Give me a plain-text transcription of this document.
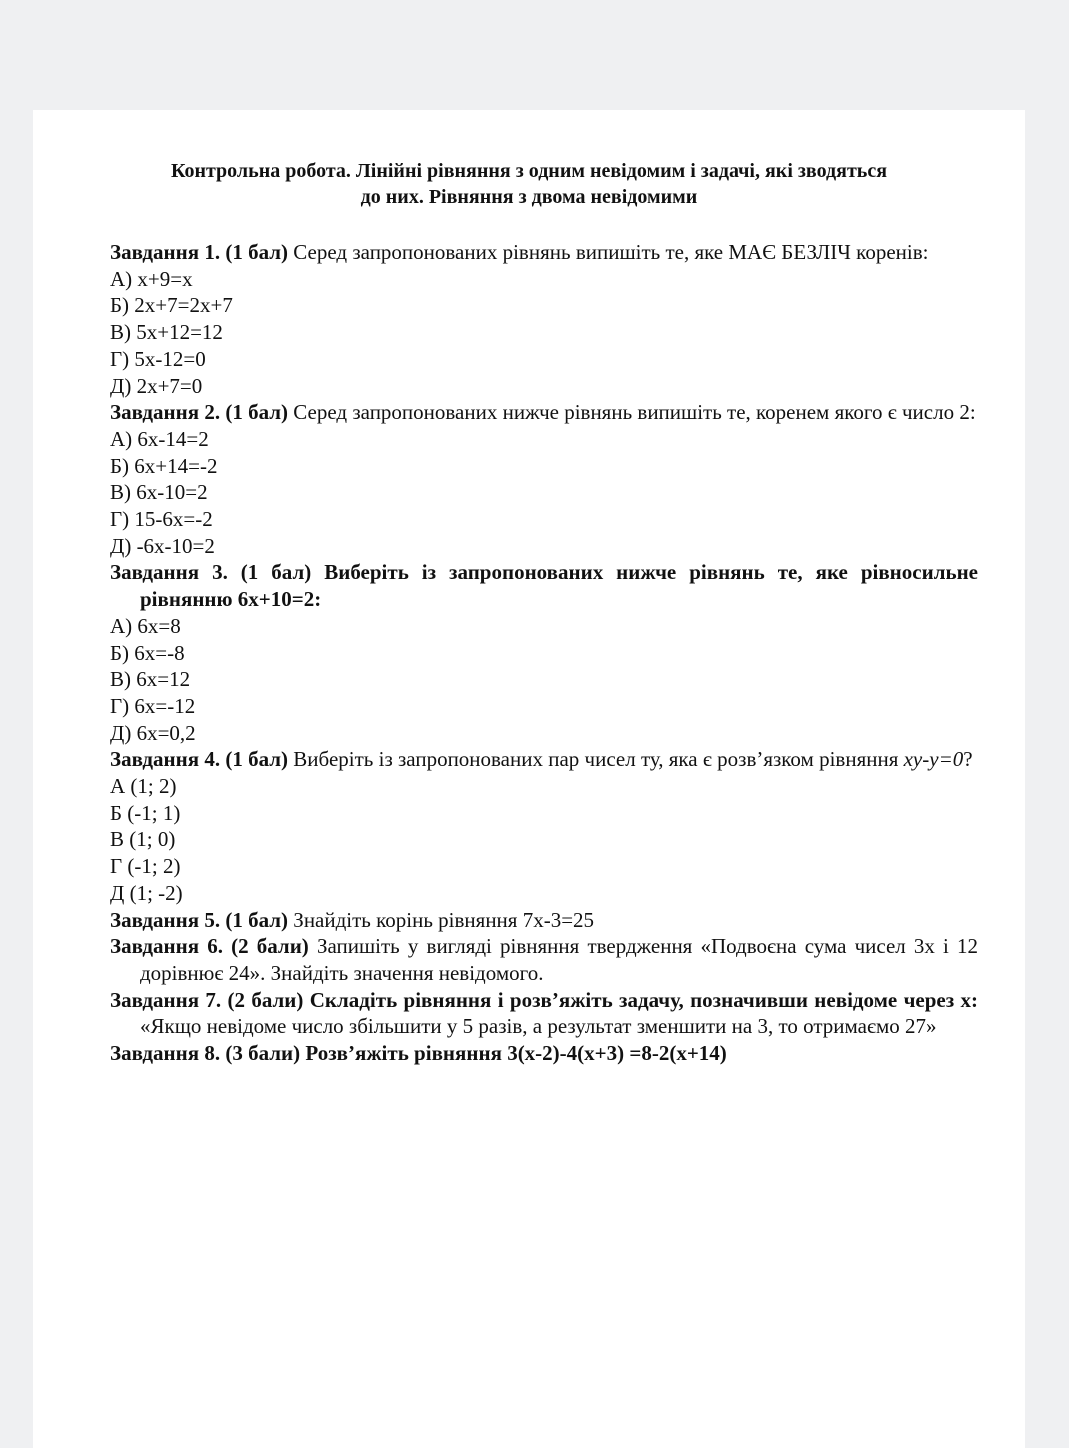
Контрольна робота. Лінійні рівняння з одним невідомим і задачі, які зводяться
до них. Рівняння з двома невідомими

Завдання 1. (1 бал) Серед запропонованих рівнянь випишіть те, яке МАЄ БЕЗЛІЧ коренів:

А) х+9=х

Б) 2х+7=2х+7

В) 5х+12=12

Г) 5х-12=0

Д) 2х+7=0

Завдання 2. (1 бал) Серед запропонованих нижче рівнянь випишіть те, коренем якого є число 2:

А) 6х-14=2

Б) 6х+14=-2

В) 6х-10=2

Г) 15-6х=-2

Д) -6х-10=2

Завдання 3. (1 бал) Виберіть із запропонованих нижче рівнянь те, яке рівносильне рівнянню 6х+10=2:

А) 6х=8

Б) 6х=-8

В) 6х=12

Г) 6х=-12

Д) 6х=0,2

Завдання 4. (1 бал) Виберіть із запропонованих пар чисел ту, яка є розв’язком рівняння xy-y=0?

А (1; 2)

Б (-1; 1)

В (1; 0)

Г (-1; 2)

Д (1; -2)

Завдання 5. (1 бал) Знайдіть корінь рівняння 7х-3=25

Завдання 6. (2 бали) Запишіть у вигляді рівняння твердження «Подвоєна сума чисел 3х і 12 дорівнює 24». Знайдіть значення невідомого.

Завдання 7. (2 бали) Складіть рівняння і розв’яжіть задачу, позначивши невідоме через х: «Якщо невідоме число збільшити у 5 разів, а результат зменшити на 3, то отримаємо 27»

Завдання 8. (3 бали) Розв’яжіть рівняння 3(х-2)-4(х+3) =8-2(х+14)
